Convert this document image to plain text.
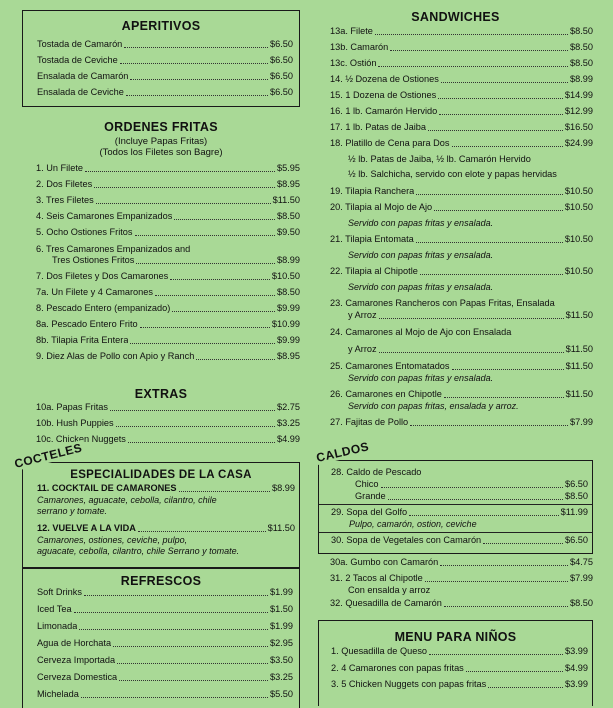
APERITIVOS
Tostada de Camarón	$6.50
Tostada de Ceviche	$6.50
Ensalada de Camarón	$6.50
Ensalada de Ceviche	$6.50
ORDENES FRITAS
(Incluye Papas Fritas)
(Todos los Filetes son Bagre)
1. Un Filete	$5.95
2. Dos Filetes	$8.95
3. Tres Filetes	$11.50
4. Seis Camarones Empanizados	$8.50
5. Ocho Ostiones Fritos	$9.50
6. Tres Camarones Empanizados and
Tres Ostiones Fritos	$8.99
7. Dos Filetes y Dos Camarones	$10.50
7a. Un Filete y 4 Camarones	$8.50
8. Pescado Entero (empanizado)	$9.99
8a. Pescado Entero Frito	$10.99
8b. Tilapia Frita Entera	$9.99
9. Diez Alas de Pollo con Apio y Ranch	$8.95
EXTRAS
10a. Papas Fritas	$2.75
10b. Hush Puppies	$3.25
10c. Chicken Nuggets	$4.99
ESPECIALIDADES DE LA CASA
11. COCKTAIL DE CAMARONES	$8.99
Camarones, aguacate, cebolla, cilantro, chile
serrano y tomate.
12. VUELVE A LA VIDA	$11.50
Camarones, ostiones, ceviche, pulpo,
aguacate, cebolla, cilantro, chile Serrano y tomate.
COCTELES
REFRESCOS
Soft Drinks	$1.99
Iced Tea	$1.50
Limonada	$1.99
Agua de Horchata	$2.95
Cerveza Importada	$3.50
Cerveza Domestica	$3.25
Michelada	$5.50
SANDWICHES
13a. Filete	$8.50
13b. Camarón	$8.50
13c. Ostión	$8.50
14. ½ Dozena de Ostiones	$8.99
15. 1 Dozena de Ostiones	$14.99
16. 1 lb. Camarón Hervido	$12.99
17. 1 lb. Patas de Jaiba	$16.50
18. Platillo de Cena para Dos	$24.99
½ lb. Patas de Jaiba, ½ lb. Camarón Hervido
½ lb. Salchicha, servido con elote y papas hervidas
19. Tilapia Ranchera	$10.50
20. Tilapia al Mojo de Ajo	$10.50
Servido con papas fritas y ensalada.
21. Tilapia Entomata	$10.50
Servido con papas fritas y ensalada.
22. Tilapia al Chipotle	$10.50
Servido con papas fritas y ensalada.
23. Camarones Rancheros con Papas Fritas, Ensalada
y Arroz	$11.50
24. Camarones al Mojo de Ajo con Ensalada
y Arroz	$11.50
25. Camarones Entomatados	$11.50
Servido con papas fritas y ensalada.
26. Camarones en Chipotle	$11.50
Servido con papas fritas, ensalada y arroz.
27. Fajitas de Pollo	$7.99
28. Caldo de Pescado
Chico	$6.50
Grande	$8.50
29. Sopa del Golfo	$11.99
Pulpo, camarón, ostion, ceviche
30. Sopa de Vegetales con Camarón	$6.50
CALDOS
30a. Gumbo con Camarón	$4.75
31. 2 Tacos al Chipotle	$7.99
Con ensalda y arroz
32. Quesadilla de Camarón	$8.50
MENU PARA NIÑOS
1. Quesadilla de Queso	$3.99
2. 4 Camarones con papas fritas	$4.99
3. 5 Chicken Nuggets con papas fritas	$3.99
